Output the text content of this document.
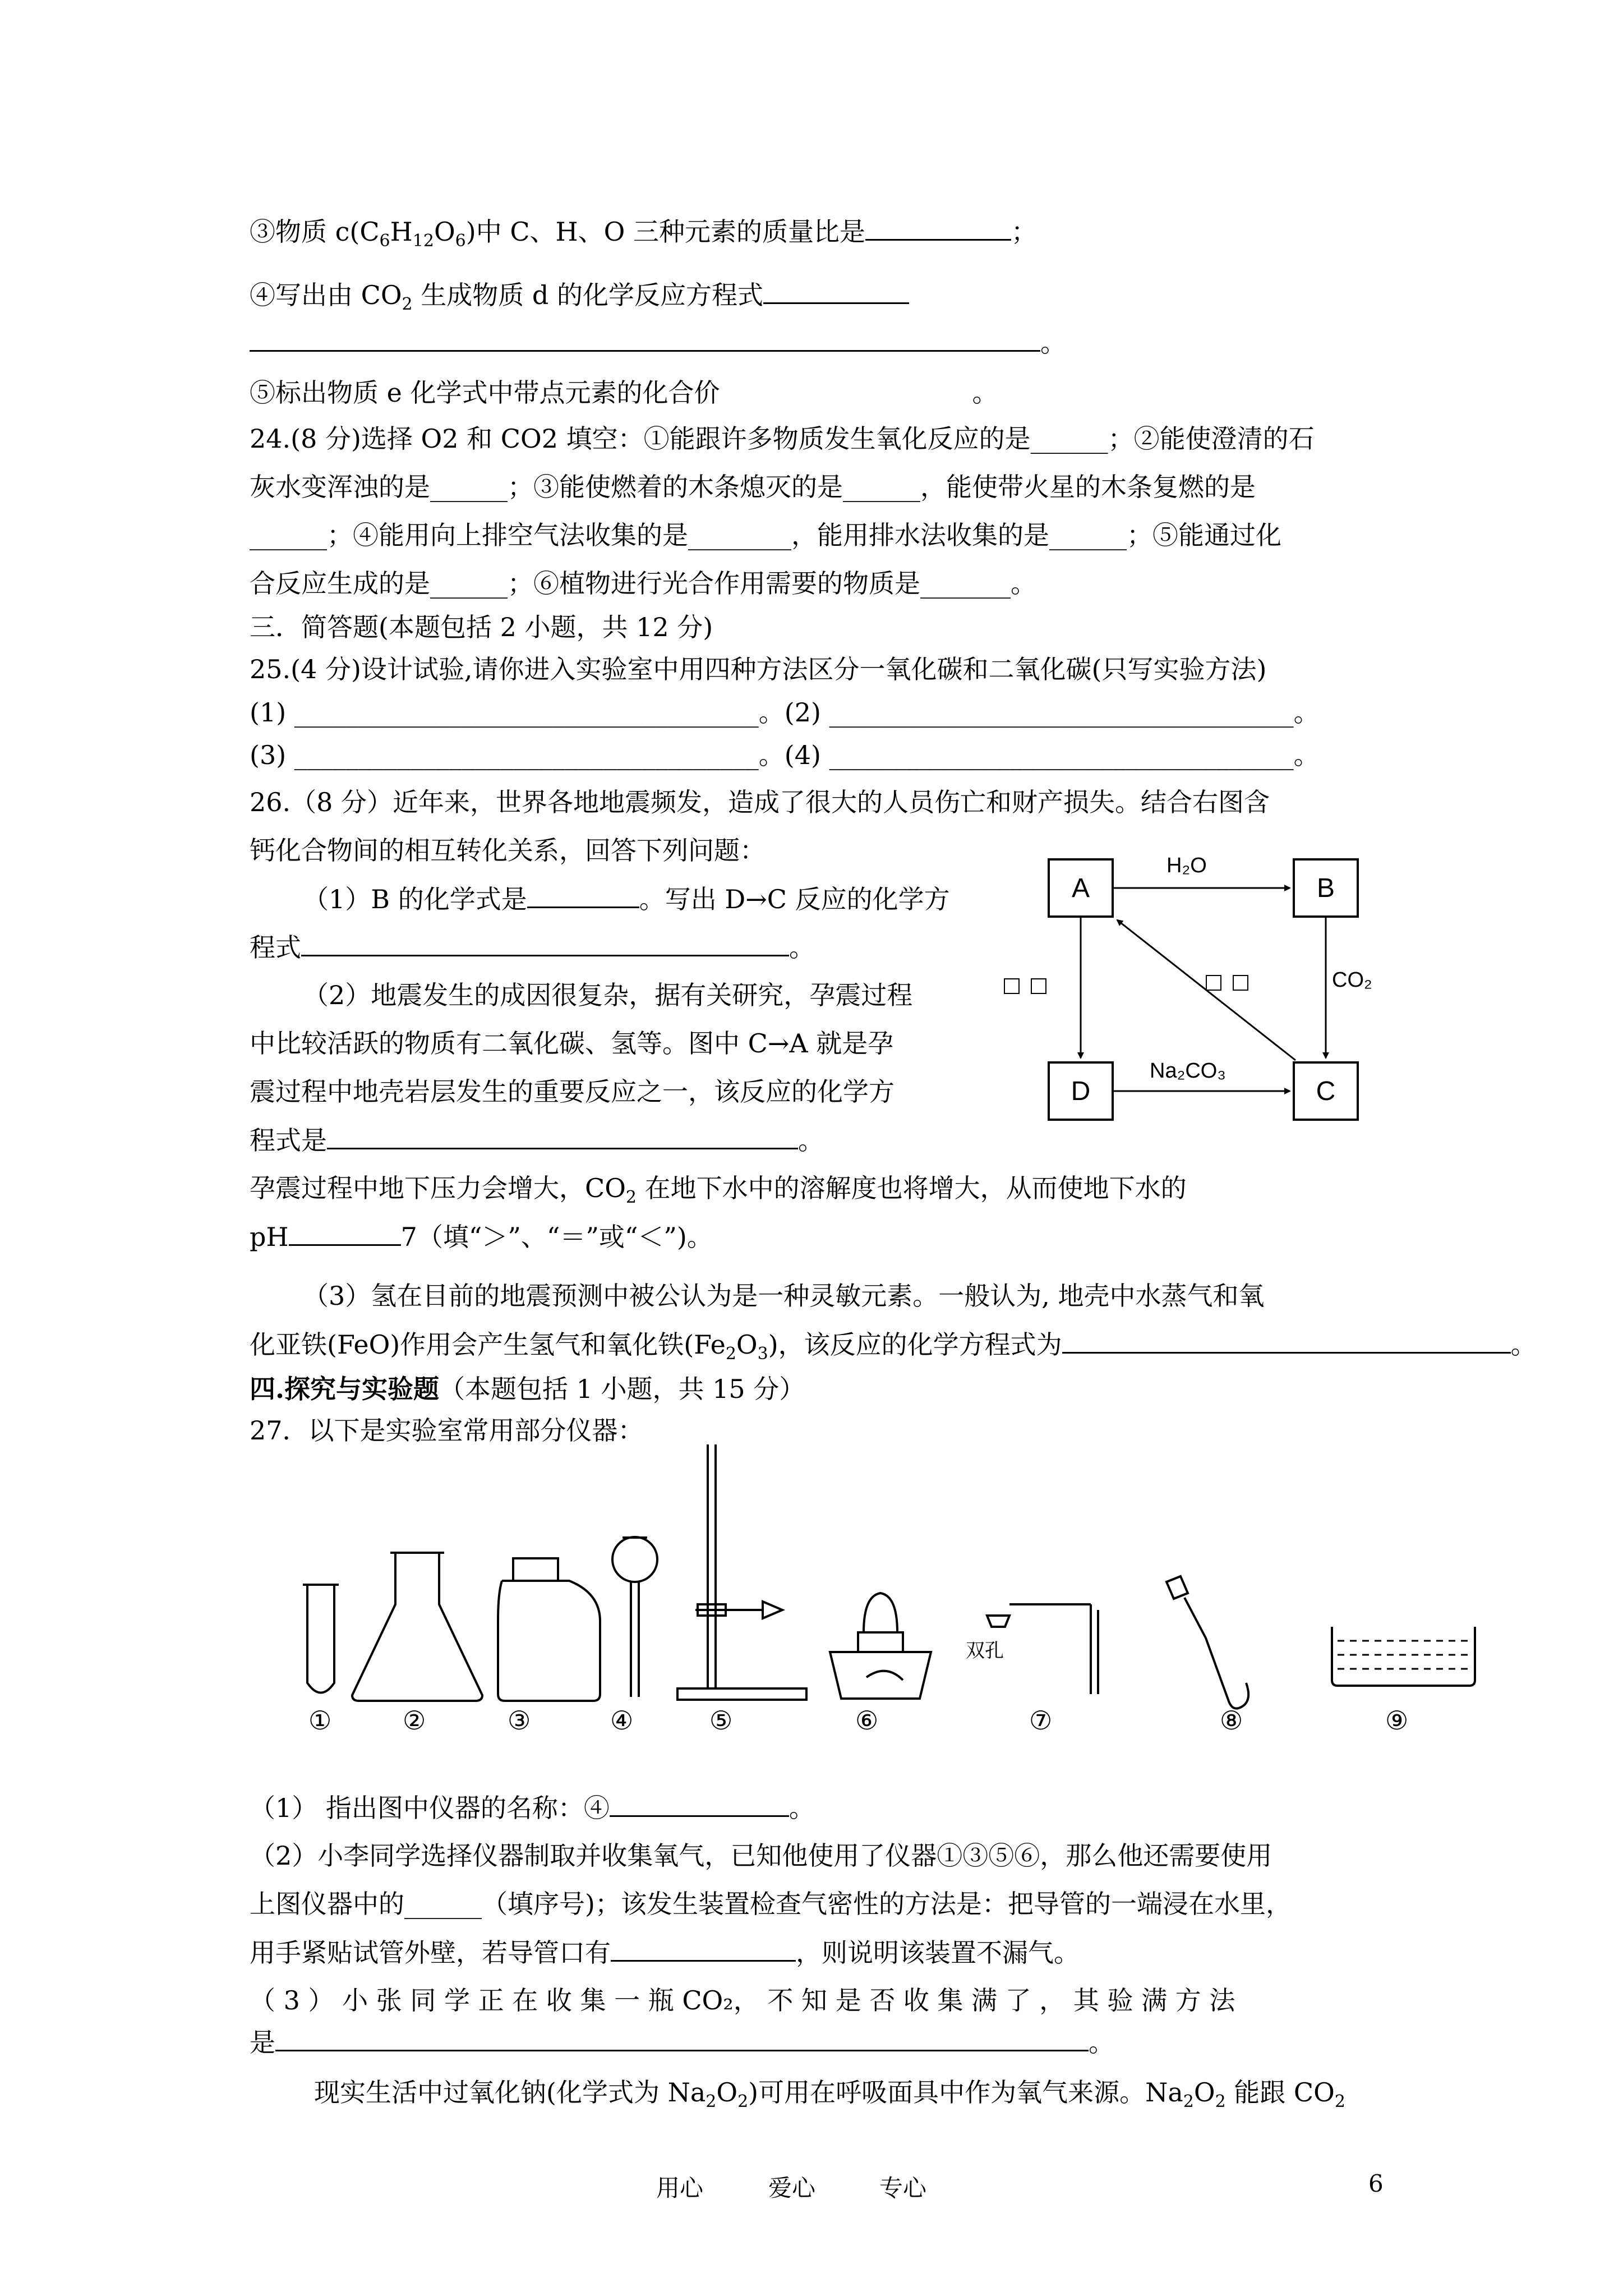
③物质 $c(C_6H_{12}O_6)$中 C、H、O 三种元素的质量比是	；
④写出由 $CO_2$ 生成物质 d 的化学反应方程式
。
⑤标出物质 e 化学式中带点元素的化合价	。
24.(8 分)选择 O2 和 CO2 填空：①能跟许多物质发生氧化反应的是______；②能使澄清的石
灰水变浑浊的是______；③能使燃着的木条熄灭的是______，能使带火星的木条复燃的是
______；④能用向上排空气法收集的是________，能用排水法收集的是______；⑤能通过化
合反应生成的是______；⑥植物进行光合作用需要的物质是_______。
三．简答题(本题包括 2 小题，共 12 分)
25.(4 分)设计试验,请你进入实验室中用四种方法区分一氧化碳和二氧化碳(只写实验方法)
(1) ____________________________________。(2) ____________________________________。
(3) ____________________________________。(4) ____________________________________。
26.（8 分）近年来，世界各地地震频发，造成了很大的人员伤亡和财产损失。结合右图含
钙化合物间的相互转化关系，回答下列问题：
（1）B 的化学式是	。写出 D→C 反应的化学方
程式	。
（2）地震发生的成因很复杂，据有关研究，孕震过程
中比较活跃的物质有二氧化碳、氢等。图中 C→A 就是孕
震过程中地壳岩层发生的重要反应之一，该反应的化学方
程式是	。
孕震过程中地下压力会增大，$CO_2$ 在地下水中的溶解度也将增大，从而使地下水的
pH	7（填“＞”、“＝”或“＜”)。
（3）氢在目前的地震预测中被公认为是一种灵敏元素。一般认为, 地壳中水蒸气和氧
化亚铁(FeO)作用会产生氢气和氧化铁$(Fe_2O_3)$，该反应的化学方程式为	。
A	B
D	C
H₂O
CO₂
Na₂CO₃
四.探究与实验题（本题包括 1 小题，共 15 分）
27．以下是实验室常用部分仪器：
双孔
①	②	③	④	⑤	⑥	⑦	⑧	⑨
（1） 指出图中仪器的名称：④	。
（2）小李同学选择仪器制取并收集氧气，已知他使用了仪器①③⑤⑥，那么他还需要使用
上图仪器中的______（填序号)；该发生装置检查气密性的方法是：把导管的一端浸在水里，
用手紧贴试管外壁，若导管口有	，则说明该装置不漏气。
（ 3 ） 小 张 同 学 正 在 收 集 一 瓶 CO₂， 不 知 是 否 收 集 满 了 ， 其 验 满 方 法
是	。
现实生活中过氧化钠(化学式为 $Na_2O_2$)可用在呼吸面具中作为氧气来源。$Na_2O_2$ 能跟 $CO_2$
用心	爱心	专心	6
